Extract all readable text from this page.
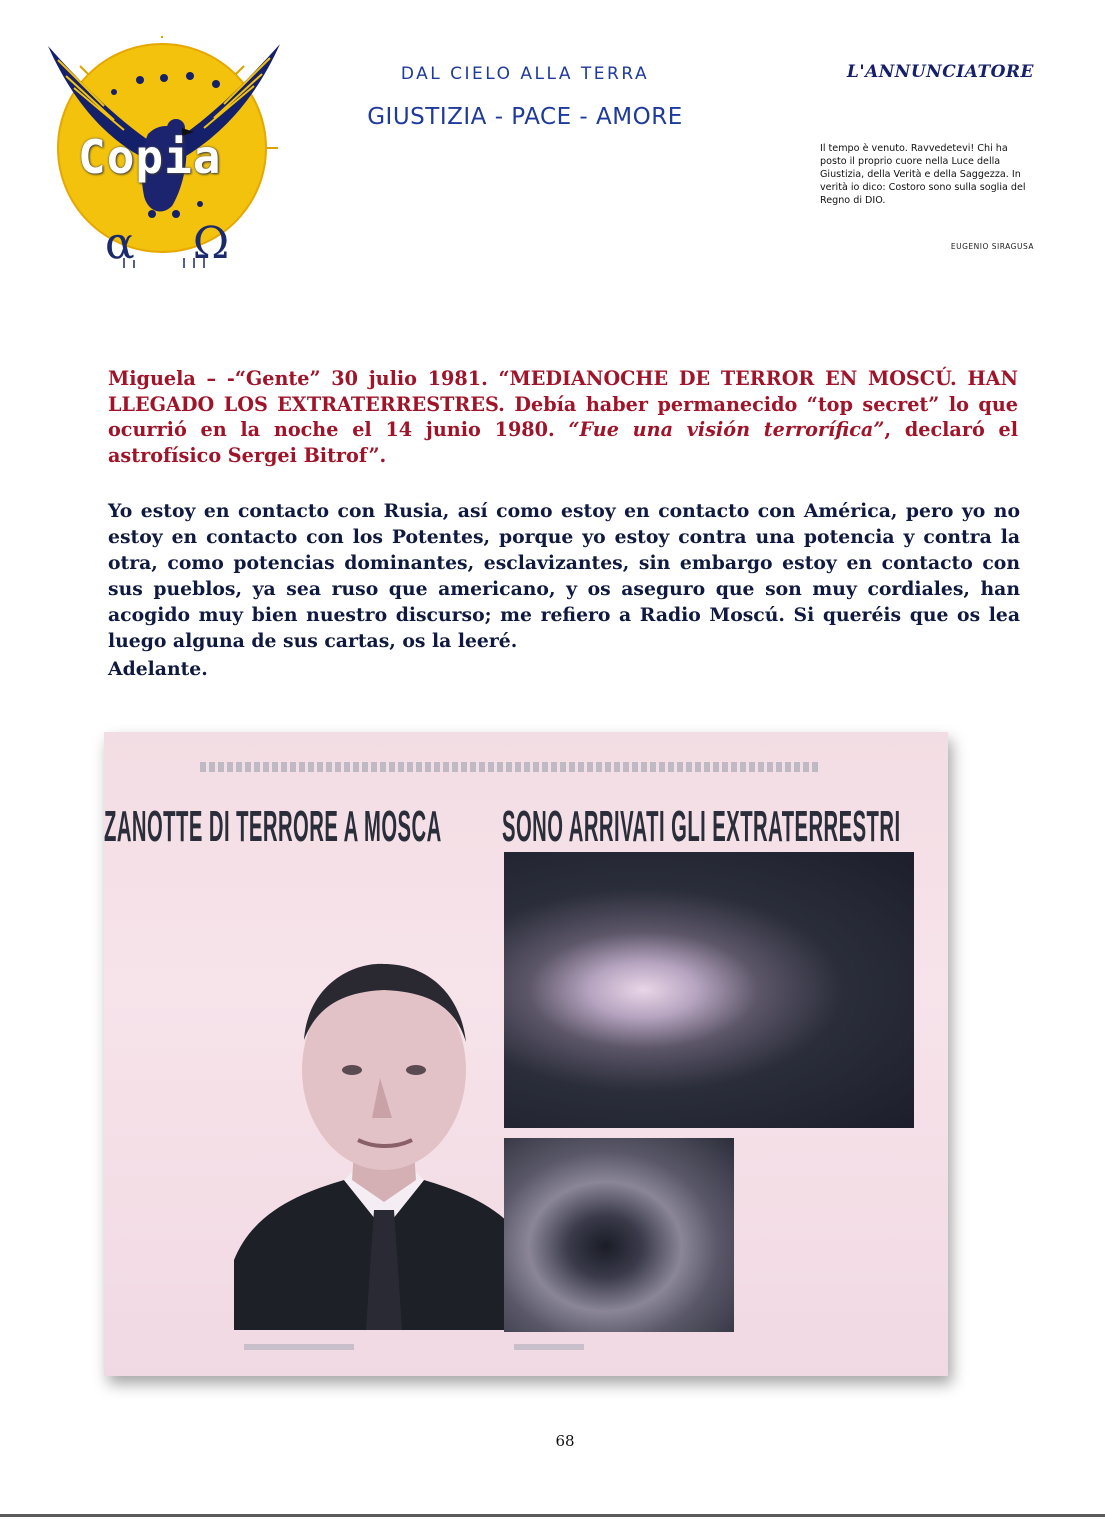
Copia
α Ω
DAL CIELO ALLA TERRA
GIUSTIZIA - PACE - AMORE
L'ANNUNCIATORE
Il tempo è venuto. Ravvedetevi! Chi ha posto il proprio cuore nella Luce della Giustizia, della Verità e della Saggezza. In verità io dico: Costoro sono sulla soglia del Regno di DIO.
EUGENIO SIRAGUSA
Miguela – -“Gente” 30 julio 1981. “MEDIANOCHE DE TERROR EN MOSCÚ. HAN LLEGADO LOS EXTRATERRESTRES. Debía haber permanecido “top secret” lo que ocurrió en la noche el 14 junio 1980. “Fue una visión terrorífica”, declaró el astrofísico Sergei Bitrof”.
Yo estoy en contacto con Rusia, así como estoy en contacto con América, pero yo no estoy en contacto con los Potentes, porque yo estoy contra una potencia y contra la otra, como potencias dominantes, esclavizantes, sin embargo estoy en contacto con sus pueblos, ya sea ruso que americano, y os aseguro que son muy cordiales, han acogido muy bien nuestro discurso; me refiero a Radio Moscú. Si queréis que os lea luego alguna de sus cartas, os la leeré.
Adelante.
ZANOTTE DI TERRORE A MOSCA SONO ARRIVATI GLI EXTRATERRESTRI
68
